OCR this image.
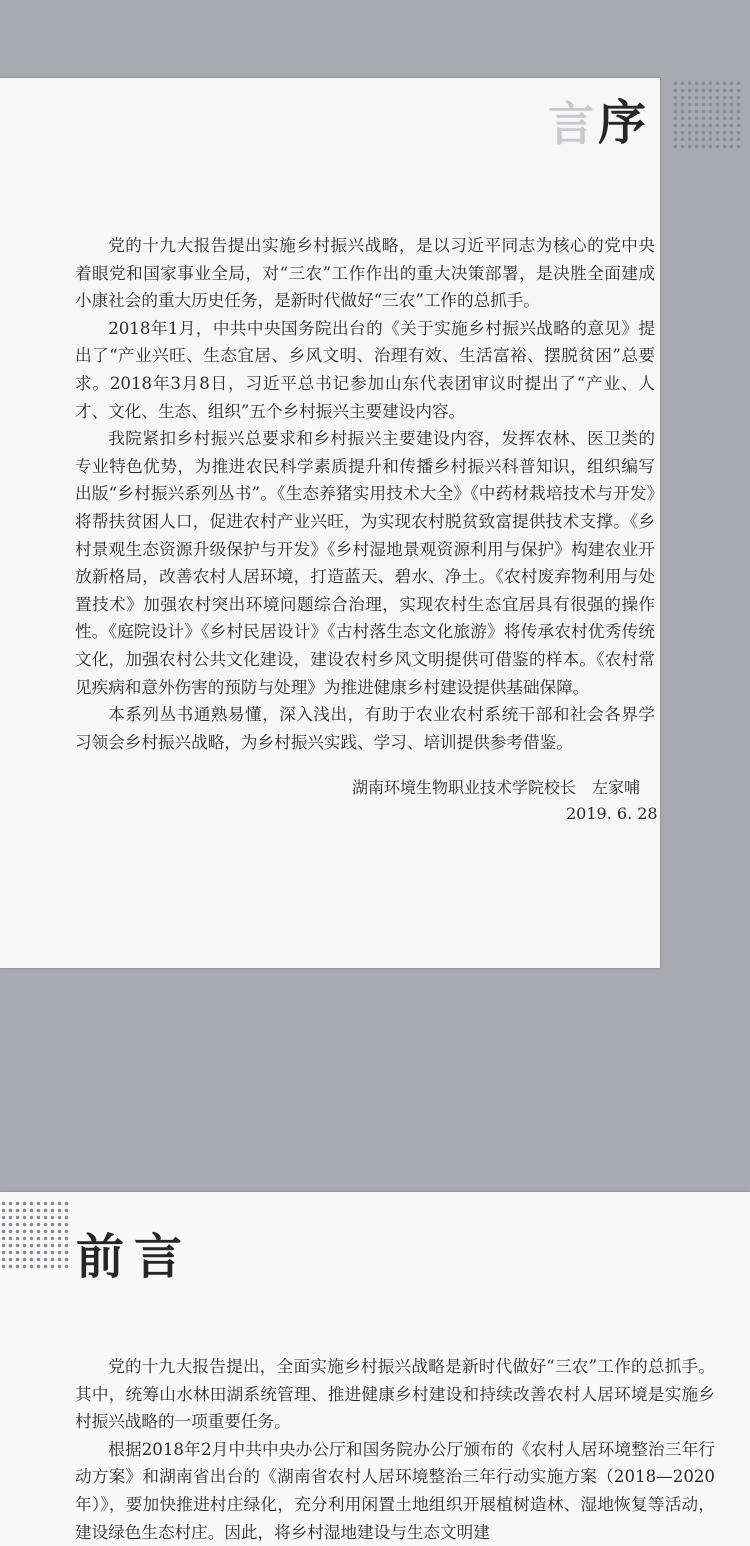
言 序

党的十九大报告提出实施乡村振兴战略，是以习近平同志为核心的党中央着眼党和国家事业全局，对“三农”工作作出的重大决策部署，是决胜全面建成小康社会的重大历史任务，是新时代做好“三农”工作的总抓手。

2018年1月，中共中央国务院出台的《关于实施乡村振兴战略的意见》提出了“产业兴旺、生态宜居、乡风文明、治理有效、生活富裕、摆脱贫困”总要求。2018年3月8日，习近平总书记参加山东代表团审议时提出了“产业、人才、文化、生态、组织”五个乡村振兴主要建设内容。

我院紧扣乡村振兴总要求和乡村振兴主要建设内容，发挥农林、医卫类的专业特色优势，为推进农民科学素质提升和传播乡村振兴科普知识，组织编写出版“乡村振兴系列丛书”。《生态养猪实用技术大全》《中药材栽培技术与开发》将帮扶贫困人口，促进农村产业兴旺，为实现农村脱贫致富提供技术支撑。《乡村景观生态资源升级保护与开发》《乡村湿地景观资源利用与保护》构建农业开放新格局，改善农村人居环境，打造蓝天、碧水、净土。《农村废弃物利用与处置技术》加强农村突出环境问题综合治理，实现农村生态宜居具有很强的操作性。《庭院设计》《乡村民居设计》《古村落生态文化旅游》将传承农村优秀传统文化，加强农村公共文化建设，建设农村乡风文明提供可借鉴的样本。《农村常见疾病和意外伤害的预防与处理》为推进健康乡村建设提供基础保障。

本系列丛书通熟易懂，深入浅出，有助于农业农村系统干部和社会各界学习领会乡村振兴战略，为乡村振兴实践、学习、培训提供参考借鉴。

湖南环境生物职业技术学院校长　左家哺
2019. 6. 28
前言

党的十九大报告提出，全面实施乡村振兴战略是新时代做好“三农”工作的总抓手。其中，统筹山水林田湖系统管理、推进健康乡村建设和持续改善农村人居环境是实施乡村振兴战略的一项重要任务。

根据2018年2月中共中央办公厅和国务院办公厅颁布的《农村人居环境整治三年行动方案》和湖南省出台的《湖南省农村人居环境整治三年行动实施方案（2018—2020年）》，要加快推进村庄绿化，充分利用闲置土地组织开展植树造林、湿地恢复等活动，建设绿色生态村庄。因此，将乡村湿地建设与生态文明建
